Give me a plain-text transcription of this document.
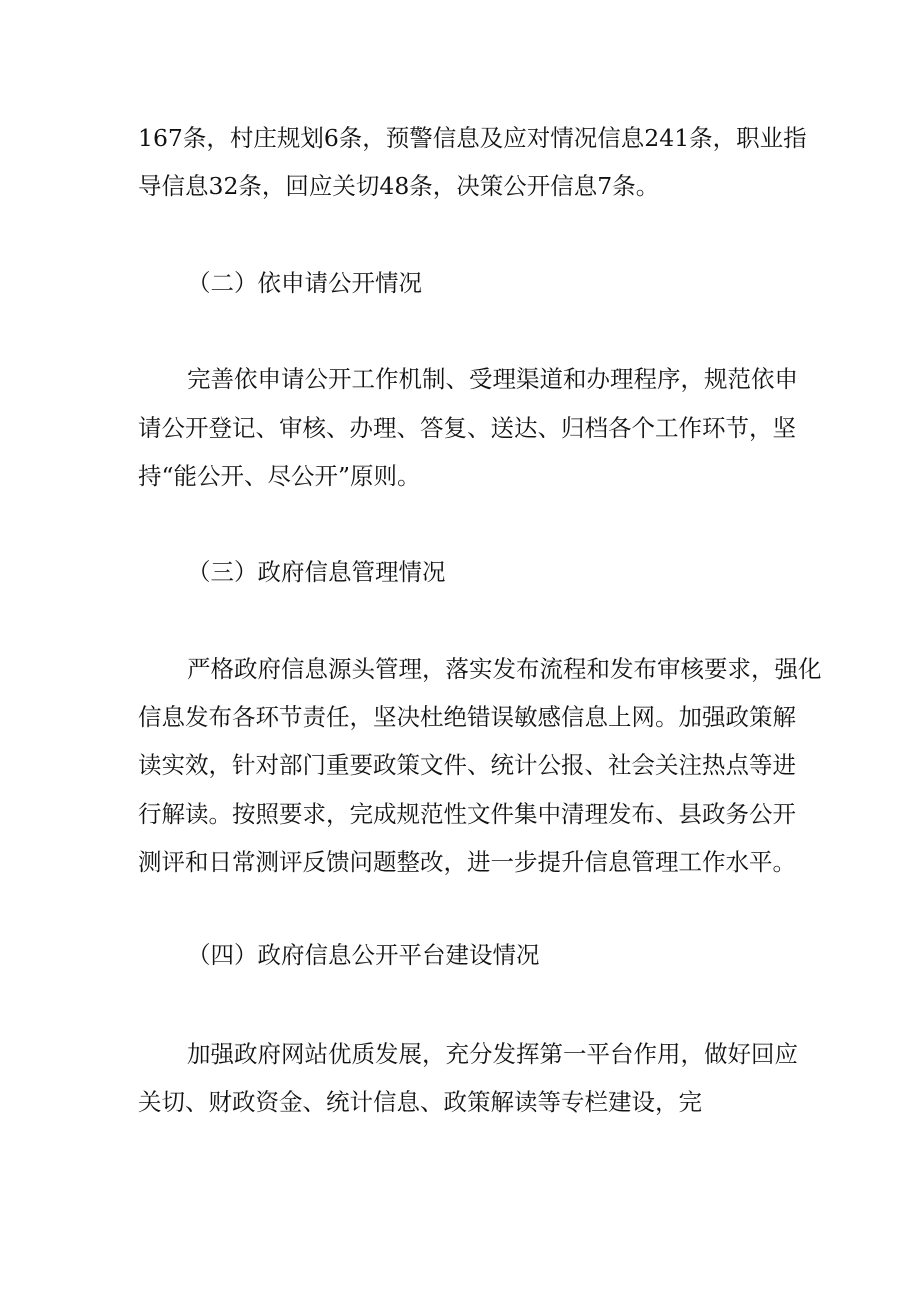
167条，村庄规划6条，预警信息及应对情况信息241条，职业指
导信息32条，回应关切48条，决策公开信息7条。
（二）依申请公开情况
完善依申请公开工作机制、受理渠道和办理程序，规范依申
请公开登记、审核、办理、答复、送达、归档各个工作环节，坚
持“能公开、尽公开”原则。
（三）政府信息管理情况
严格政府信息源头管理，落实发布流程和发布审核要求，强化
信息发布各环节责任，坚决杜绝错误敏感信息上网。加强政策解
读实效，针对部门重要政策文件、统计公报、社会关注热点等进
行解读。按照要求，完成规范性文件集中清理发布、县政务公开
测评和日常测评反馈问题整改，进一步提升信息管理工作水平。
（四）政府信息公开平台建设情况
加强政府网站优质发展，充分发挥第一平台作用，做好回应
关切、财政资金、统计信息、政策解读等专栏建设，完
